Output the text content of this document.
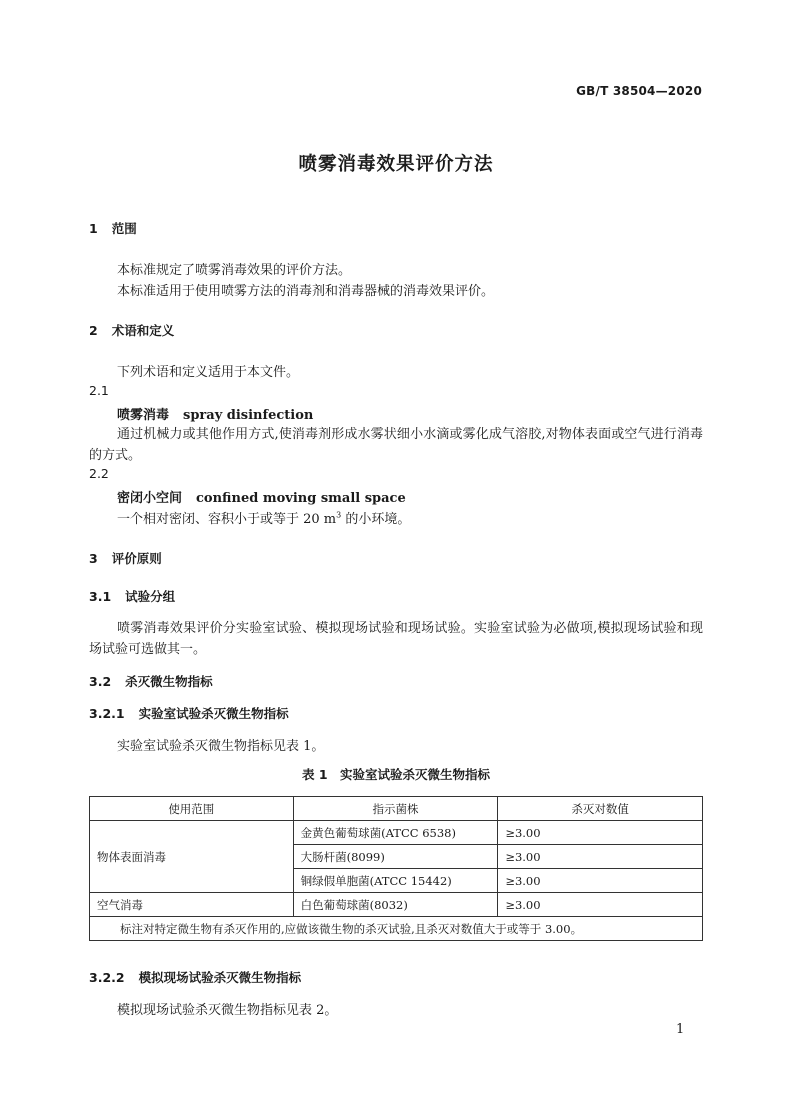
GB/T 38504—2020
喷雾消毒效果评价方法
1 范围
本标准规定了喷雾消毒效果的评价方法。
本标准适用于使用喷雾方法的消毒剂和消毒器械的消毒效果评价。
2 术语和定义
下列术语和定义适用于本文件。
2.1
喷雾消毒 spray disinfection
通过机械力或其他作用方式,使消毒剂形成水雾状细小水滴或雾化成气溶胶,对物体表面或空气进行消毒的方式。
2.2
密闭小空间 confined moving small space
一个相对密闭、容积小于或等于 20 $m^3$ 的小环境。
3 评价原则
3.1 试验分组
喷雾消毒效果评价分实验室试验、模拟现场试验和现场试验。实验室试验为必做项,模拟现场试验和现场试验可选做其一。
3.2 杀灭微生物指标
3.2.1 实验室试验杀灭微生物指标
实验室试验杀灭微生物指标见表 1。
表 1　实验室试验杀灭微生物指标
使用范围	指示菌株	杀灭对数值
物体表面消毒	金黄色葡萄球菌(ATCC 6538)	≥3.00
	大肠杆菌(8099)	≥3.00
	铜绿假单胞菌(ATCC 15442)	≥3.00
空气消毒	白色葡萄球菌(8032)	≥3.00
标注对特定微生物有杀灭作用的,应做该微生物的杀灭试验,且杀灭对数值大于或等于 3.00。		
3.2.2 模拟现场试验杀灭微生物指标
模拟现场试验杀灭微生物指标见表 2。
1
